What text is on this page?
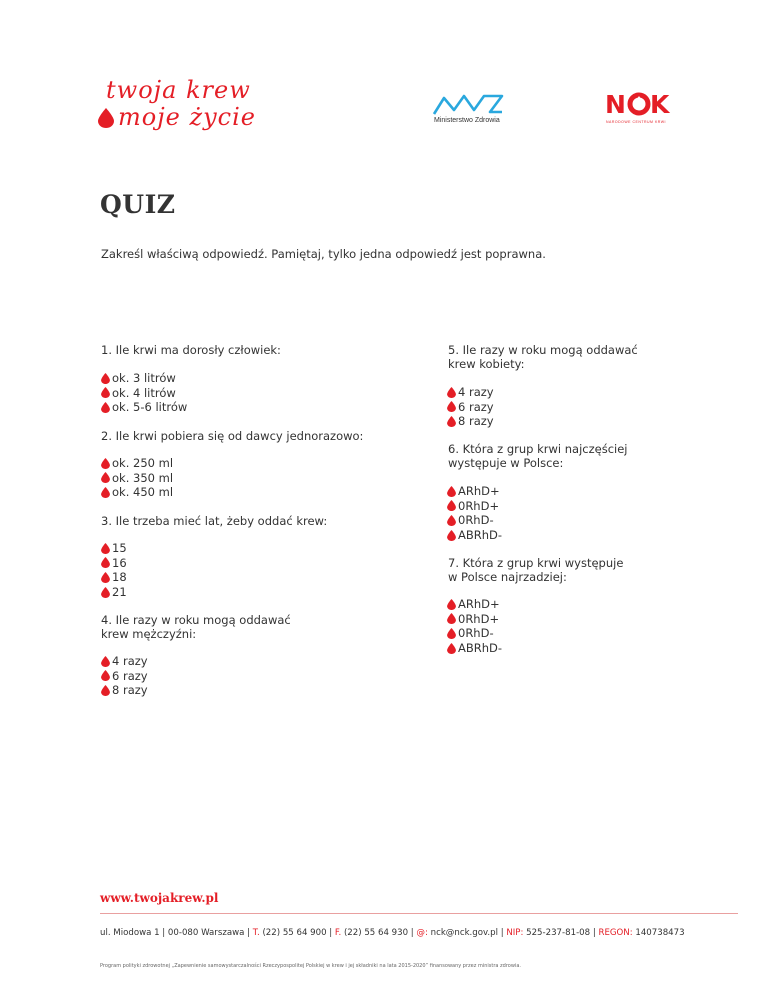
twoja krew
moje życie	Ministerstwo Zdrowia
N K
NARODOWE CENTRUM KRWI
QUIZ
Zakreśl właściwą odpowiedź. Pamiętaj, tylko jedna odpowiedź jest poprawna.
1. Ile krwi ma dorosły człowiek:
ok. 3 litrów
ok. 4 litrów
ok. 5-6 litrów
2. Ile krwi pobiera się od dawcy jednorazowo:
ok. 250 ml
ok. 350 ml
ok. 450 ml
3. Ile trzeba mieć lat, żeby oddać krew:
15
16
18
21
4. Ile razy w roku mogą oddawać
krew mężczyźni:
4 razy
6 razy
8 razy
5. Ile razy w roku mogą oddawać
krew kobiety:
4 razy
6 razy
8 razy
6. Która z grup krwi najczęściej
występuje w Polsce:
ARhD+
0RhD+
0RhD-
ABRhD-
7. Która z grup krwi występuje
w Polsce najrzadziej:
ARhD+
0RhD+
0RhD-
ABRhD-
www.twojakrew.pl
ul. Miodowa 1 | 00-080 Warszawa | T. (22) 55 64 900 | F. (22) 55 64 930 | @: nck@nck.gov.pl | NIP: 525-237-81-08 | REGON: 140738473
Program polityki zdrowotnej „Zapewnienie samowystarczalności Rzeczypospolitej Polskiej w krew i jej składniki na lata 2015-2020” finansowany przez ministra zdrowia.
